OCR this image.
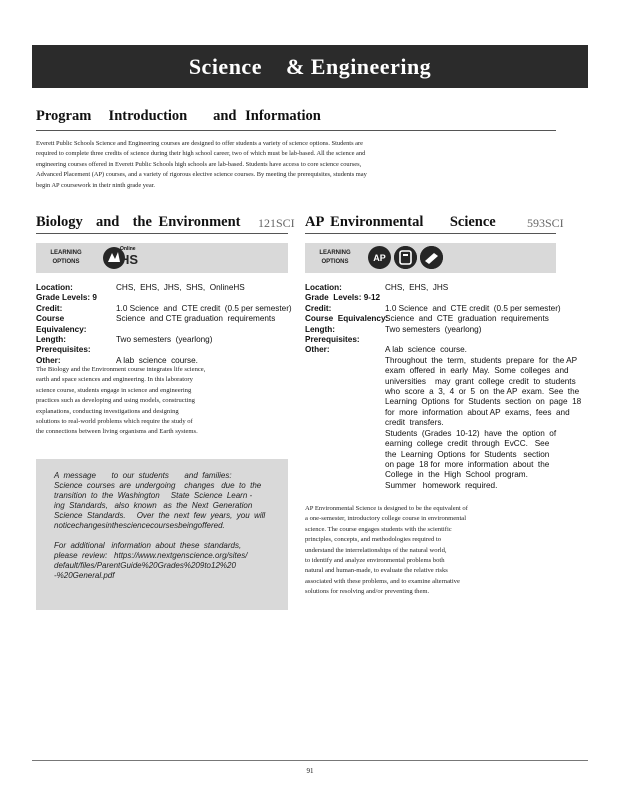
Science    & Engineering
Program  Introduction   and Information
Everett Public Schools Science and Engineering courses are designed to offer students a variety of science options. Students are
required to complete three credits of science during their high school career, two of which must be lab-based. All the science and
engineering courses offered in Everett Public Schools high schools are lab-based. Students have access to core science courses,
Advanced Placement (AP) courses, and a variety of rigorous elective science courses. By meeting the prerequisites, students may
begin AP coursework in their ninth grade year.
Biology  and  the Environment 121SCI
LEARNING
OPTIONS
Online
HS
Location:	CHS,  EHS,  JHS,  SHS,  OnlineHS
Grade Levels: 9
Credit:	1.0 Science  and  CTE credit  (0.5 per semester)
Course Equivalency:
Science  and CTE graduation  requirements
Length:	Two semesters  (yearlong)
Prerequisites:
Other:	A lab  science  course.
The Biology and the Environment course integrates life science,
earth and space sciences and engineering. In this laboratory
science course, students engage in science and engineering
practices such as developing and using models, constructing
explanations, conducting investigations and designing
solutions to real-world problems which require the study of
the connections between living organisms and Earth systems.

A  message       to  our  students       and  families:
Science  courses  are  undergoing    changes   due  to  the
transition  to  the  Washington     State  Science  Learn -
ing  Standards,   also  known   as  the  Next  Generation
Science  Standards.     Over  the  next  few  years,  you  will
noticechangesinthesciencecoursesbeingoffered.

For  additional   information  about  these  standards,
please  review:   https://www.nextgenscience.org/sites/
default/files/ParentGuide%20Grades%209to12%20
-%20General.pdf

AP Environmental    Science	593SCI
LEARNING
OPTIONS	AP
Location:	CHS,  EHS,  JHS
Grade  Levels: 9-12
Credit:	1.0 Science  and  CTE credit  (0.5 per semester)
Course  Equivalency:
Science  and  CTE  graduation  requirements
Length:	Two semesters  (yearlong)
Prerequisites:
Other:	A lab  science  course.
Throughout  the  term,  students  prepare  for  the AP
exam  offered  in  early  May.  Some  colleges  and
universities    may  grant  college  credit  to  students
who  score  a  3,  4  or  5  on  the AP  exam.  See  the
Learning  Options  for  Students  section  on  page  18
for  more  information  about AP  exams,  fees  and
credit  transfers.
Students  (Grades  10-12)  have  the  option  of
earning  college  credit  through  EvCC.   See
the  Learning  Options  for  Students   section
on page  18 for  more  information  about  the
College  in  the  High  School  program.
Summer   homework  required.
AP Environmental Science is designed to be the equivalent of
a one-semester, introductory college course in environmental
science. The course engages students with the scientific
principles, concepts, and methodologies required to
understand the interrelationships of the natural world,
to identify and analyze environmental problems both
natural and human-made, to evaluate the relative risks
associated with these problems, and to examine alternative
solutions for resolving and/or preventing them.
91
